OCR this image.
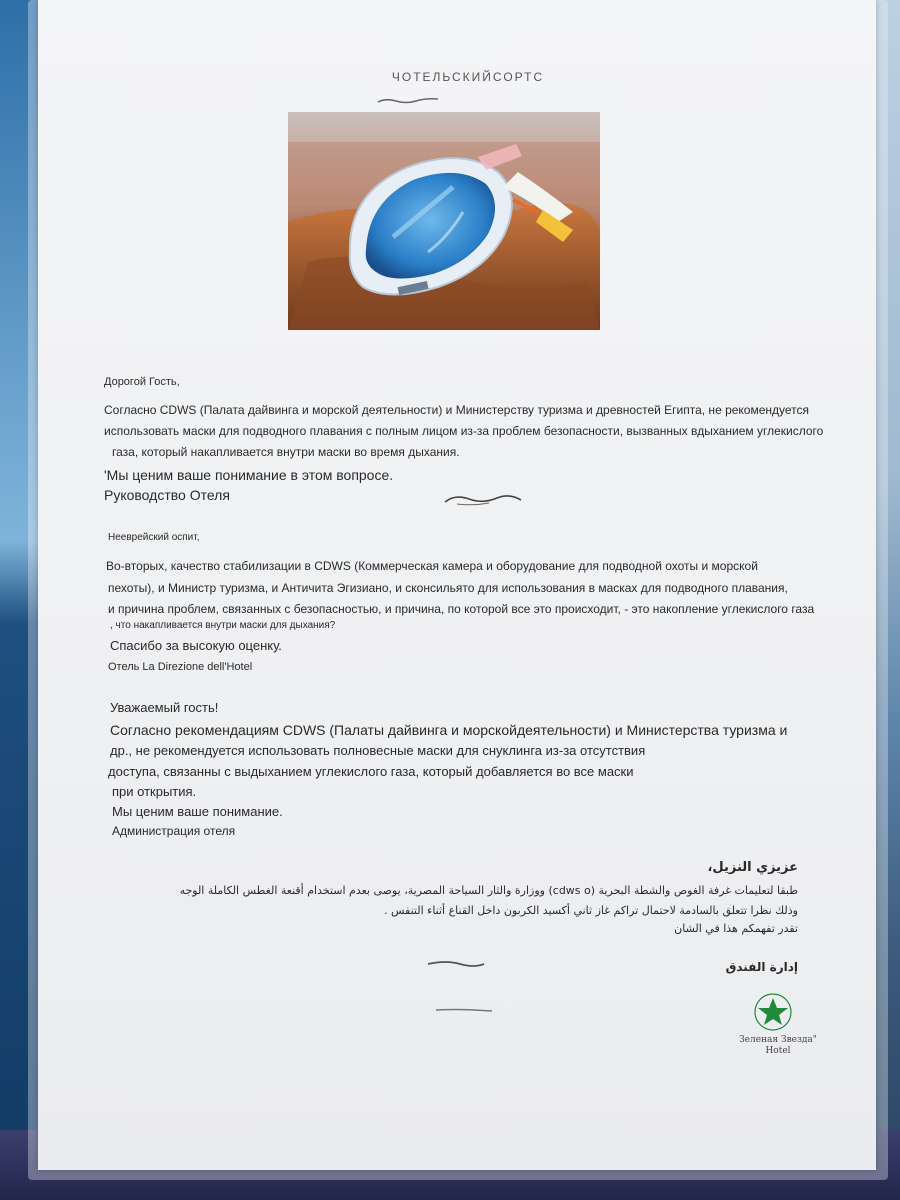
ЧОТЕЛЬСКИЙСОРТС
Дорогой Гость,
Согласно CDWS (Палата дайвинга и морской деятельности) и Министерству туризма и древностей Египта, не рекомендуется
использовать маски для подводного плавания с полным лицом из-за проблем безопасности, вызванных вдыханием углекислого
газа, который накапливается внутри маски во время дыхания.
'Мы ценим ваше понимание в этом вопросе.
Руководство Отеля
Неевpейский оспит,
Во-вторых, качество стабилизации в CDWS (Коммерческая камера и оборудование для подводной охоты и морской
пехоты), и Министр туризма, и Античита Эгизиано, и сконсильято для использования в масках для подводного плавания,
и причина проблем, связанных с безопасностью, и причина, по которой все это происходит, - это накопление углекислого газа
, что накапливается внутри маски для дыхания?
Спасибо за высокую оценку.
Отель La Direzione dell'Hotel
Уважаемый гость!
Согласно рекомендациям CDWS (Палаты дайвинга и морскойдеятельности) и Министерства туризма и
др., не рекомендуется использовать полновесные маски для снуклинга из-за отсутствия
доступа, связанны с выдыханием углекислого газа, который добавляется во все маски
при открытия.
Мы ценим ваше понимание.
Администрация отеля
عزيزي النزيل،
طبقا لتعليمات غرفة الغوص والشطة البحرية (cdws o) ووزارة والثار السياحة المصرية، يوصى بعدم استخدام أقنعة الغطس الكاملة الوجه
وذلك نظرا تتعلق بالسادمة لاحتمال تراكم غاز ثاني أكسيد الكربون داخل القناع أثناء التنفس .
تقدر تفهمكم هذا في الشان
إدارة الفندق
Зеленая Звезда"
Hotel
